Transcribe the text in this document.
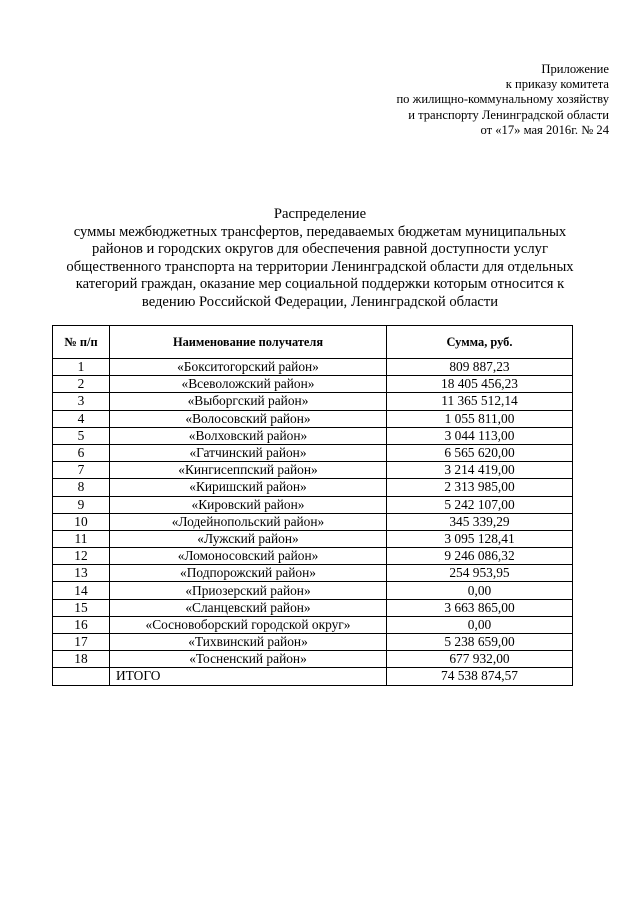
Приложение
к приказу комитета
по жилищно-коммунальному хозяйству
и транспорту Ленинградской области
от «17» мая 2016г. № 24
Распределение
суммы межбюджетных трансфертов, передаваемых бюджетам муниципальных
районов и городских округов для обеспечения равной доступности услуг
общественного транспорта на территории Ленинградской области для отдельных
категорий граждан, оказание мер социальной поддержки которым относится к
ведению Российской Федерации, Ленинградской области
№ п/п	Наименование получателя	Сумма, руб.
1	«Бокситогорский район»	809 887,23
2	«Всеволожский район»	18 405 456,23
3	«Выборгский район»	11 365 512,14
4	«Волосовский район»	1 055 811,00
5	«Волховский район»	3 044 113,00
6	«Гатчинский район»	6 565 620,00
7	«Кингисеппский район»	3 214 419,00
8	«Киришский район»	2 313 985,00
9	«Кировский район»	5 242 107,00
10	«Лодейнопольский район»	345 339,29
11	«Лужский район»	3 095 128,41
12	«Ломоносовский район»	9 246 086,32
13	«Подпорожский район»	254 953,95
14	«Приозерский район»	0,00
15	«Сланцевский район»	3 663 865,00
16	«Сосновоборский городской округ»	0,00
17	«Тихвинский район»	5 238 659,00
18	«Тосненский район»	677 932,00
	ИТОГО	74 538 874,57
